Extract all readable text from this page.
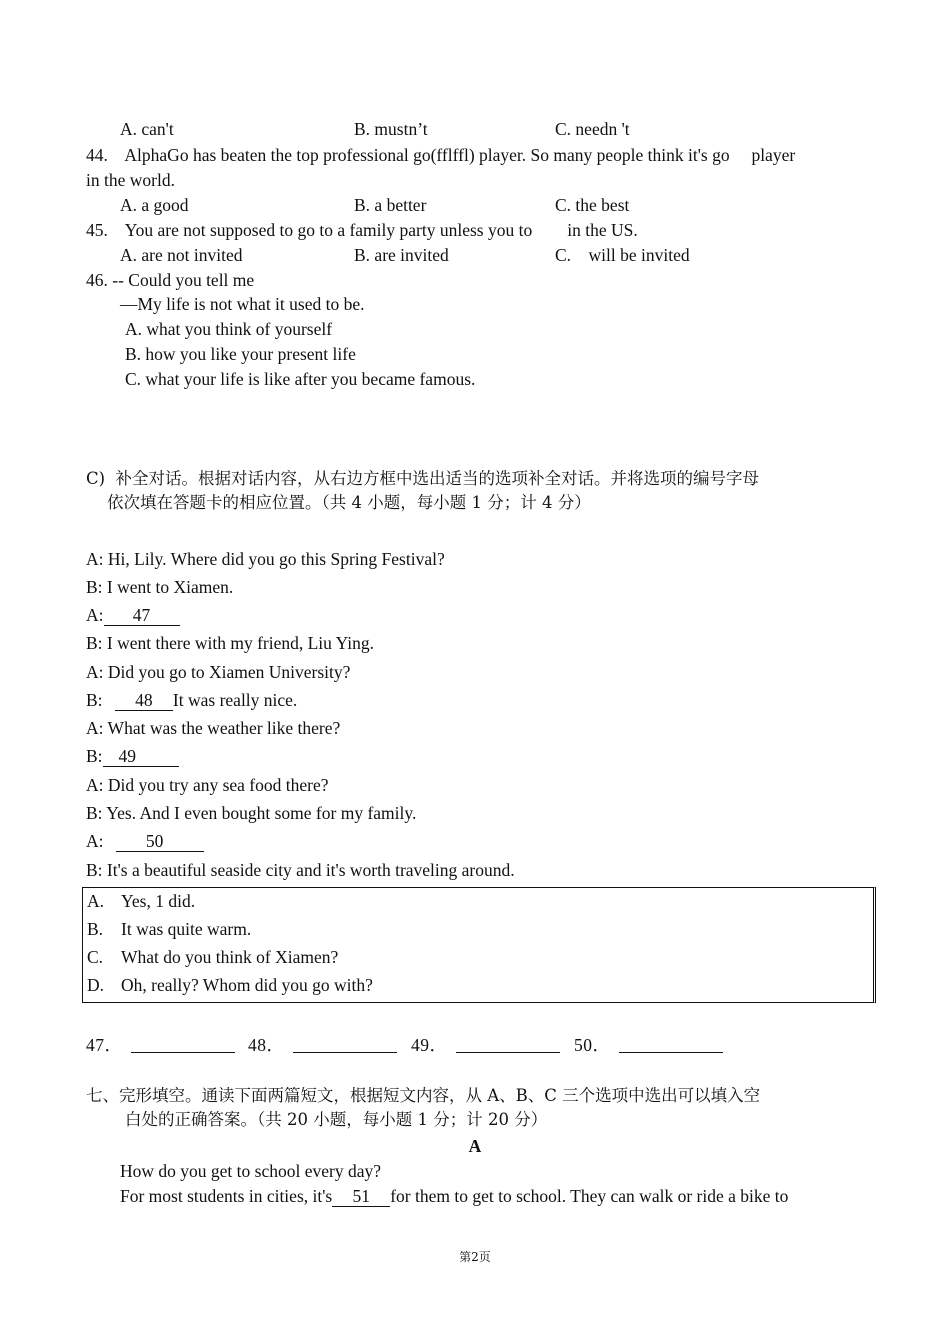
A. can't	B. mustn’t	C. needn 't
44.    AlphaGo has beaten the top professional go(fflffl) player. So many people think it's go     player
in the world.
A. a good	B. a better	C. the best
45.    You are not supposed to go to a family party unless you to        in the US.
A. are not invited	B. are invited	C.    will be invited
46. -- Could you tell me
—My life is not what it used to be.
A. what you think of yourself
B. how you like your present life
C. what your life is like after you became famous.
C)  补全对话。根据对话内容，从右边方框中选出适当的选项补全对话。并将选项的编号字母
依次填在答题卡的相应位置。（共 4 小题，每小题 1 分；计 4 分）
A: Hi, Lily. Where did you go this Spring Festival?
B: I went to Xiamen.
A: 47
B: I went there with my friend, Liu Ying.
A: Did you go to Xiamen University?
B: 48 It was really nice.
A: What was the weather like there?
B: 49
A: Did you try any sea food there?
B: Yes. And I even bought some for my family.
A: 50
B: It's a beautiful seaside city and it's worth traveling around.
A. Yes, 1 did.
B. It was quite warm.
C. What do you think of Xiamen?
D. Oh, really? Whom did you go with?
47．	48．	49．	50．
七、完形填空。通读下面两篇短文，根据短文内容，从 A、B、C 三个选项中选出可以填入空
白处的正确答案。（共 20 小题，每小题 1 分；计 20 分）
A
How do you get to school every day?
For most students in cities, it's 51 for them to get to school. They can walk or ride a bike to
第2页
